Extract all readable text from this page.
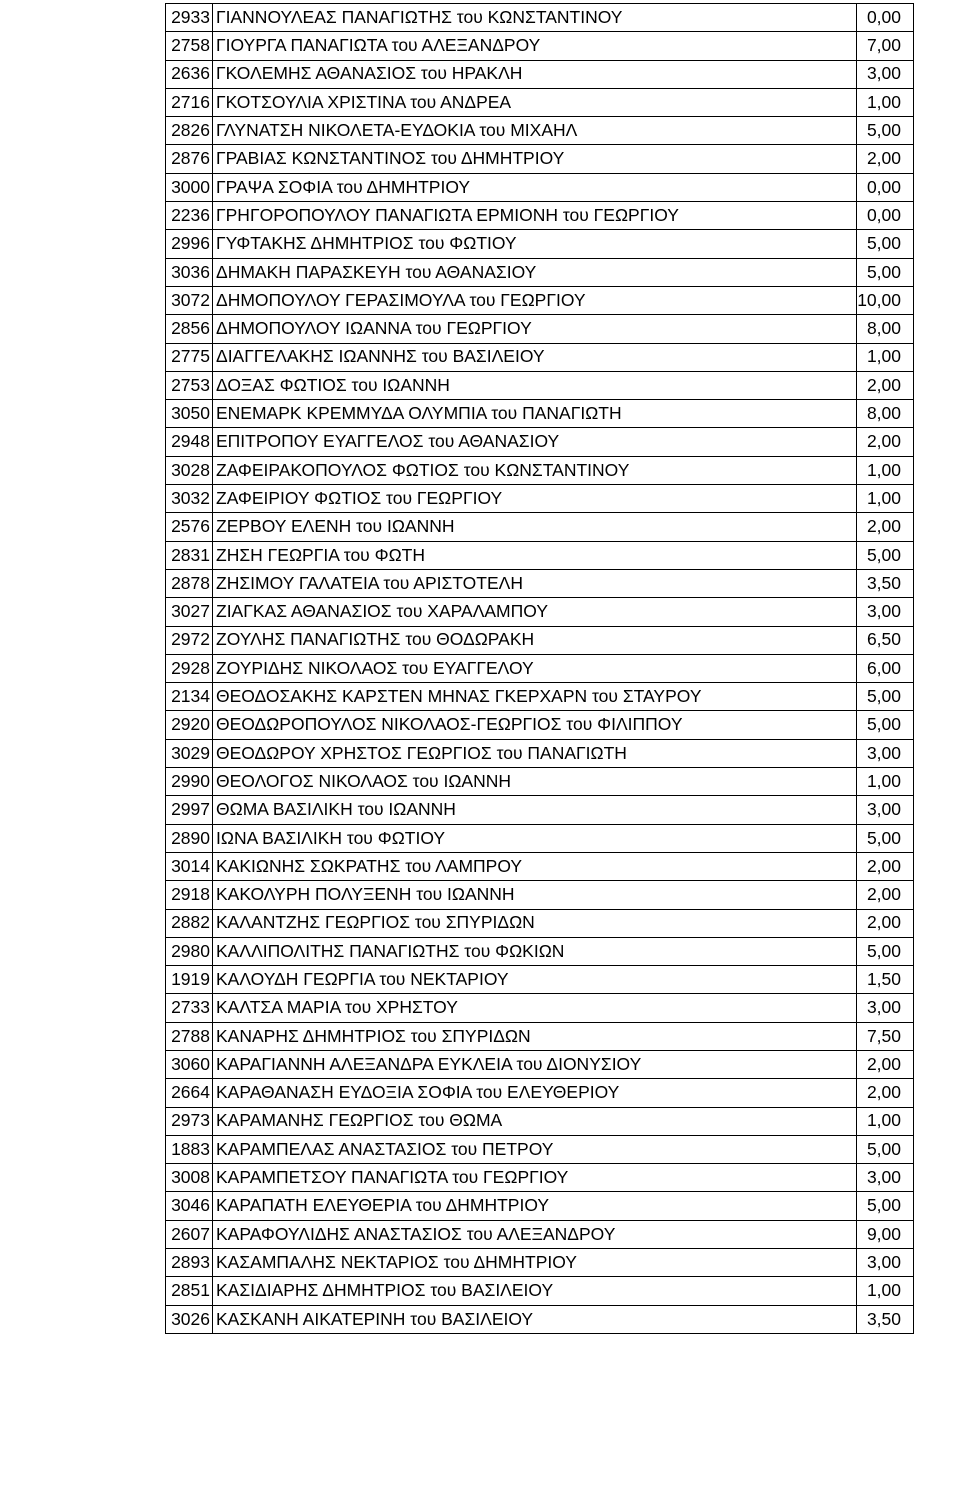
2933	ΓΙΑΝΝΟΥΛΕΑΣ ΠΑΝΑΓΙΩΤΗΣ του ΚΩΝΣΤΑΝΤΙΝΟΥ	0,00
2758	ΓΙΟΥΡΓΑ ΠΑΝΑΓΙΩΤΑ του ΑΛΕΞΑΝΔΡΟΥ	7,00
2636	ΓΚΟΛΕΜΗΣ ΑΘΑΝΑΣΙΟΣ του ΗΡΑΚΛΗ	3,00
2716	ΓΚΟΤΣΟΥΛΙΑ ΧΡΙΣΤΙΝΑ του ΑΝΔΡΕΑ	1,00
2826	ΓΛΥΝΑΤΣΗ ΝΙΚΟΛΕΤΑ-ΕΥΔΟΚΙΑ του ΜΙΧΑΗΛ	5,00
2876	ΓΡΑΒΙΑΣ ΚΩΝΣΤΑΝΤΙΝΟΣ του ΔΗΜΗΤΡΙΟΥ	2,00
3000	ΓΡΑΨΑ ΣΟΦΙΑ του ΔΗΜΗΤΡΙΟΥ	0,00
2236	ΓΡΗΓΟΡΟΠΟΥΛΟΥ ΠΑΝΑΓΙΩΤΑ ΕΡΜΙΟΝΗ του ΓΕΩΡΓΙΟΥ	0,00
2996	ΓΥΦΤΑΚΗΣ ΔΗΜΗΤΡΙΟΣ του ΦΩΤΙΟΥ	5,00
3036	ΔΗΜΑΚΗ ΠΑΡΑΣΚΕΥΗ του ΑΘΑΝΑΣΙΟΥ	5,00
3072	ΔΗΜΟΠΟΥΛΟΥ ΓΕΡΑΣΙΜΟΥΛΑ του ΓΕΩΡΓΙΟΥ	10,00
2856	ΔΗΜΟΠΟΥΛΟΥ ΙΩΑΝΝΑ του ΓΕΩΡΓΙΟΥ	8,00
2775	ΔΙΑΓΓΕΛΑΚΗΣ ΙΩΑΝΝΗΣ του ΒΑΣΙΛΕΙΟΥ	1,00
2753	ΔΟΞΑΣ ΦΩΤΙΟΣ του ΙΩΑΝΝΗ	2,00
3050	ΕΝΕΜΑΡΚ ΚΡΕΜΜΥΔΑ ΟΛΥΜΠΙΑ του ΠΑΝΑΓΙΩΤΗ	8,00
2948	ΕΠΙΤΡΟΠΟΥ ΕΥΑΓΓΕΛΟΣ του ΑΘΑΝΑΣΙΟΥ	2,00
3028	ΖΑΦΕΙΡΑΚΟΠΟΥΛΟΣ ΦΩΤΙΟΣ του ΚΩΝΣΤΑΝΤΙΝΟΥ	1,00
3032	ΖΑΦΕΙΡΙΟΥ ΦΩΤΙΟΣ του ΓΕΩΡΓΙΟΥ	1,00
2576	ΖΕΡΒΟΥ ΕΛΕΝΗ του ΙΩΑΝΝΗ	2,00
2831	ΖΗΣΗ ΓΕΩΡΓΙΑ του ΦΩΤΗ	5,00
2878	ΖΗΣΙΜΟΥ ΓΑΛΑΤΕΙΑ του ΑΡΙΣΤΟΤΕΛΗ	3,50
3027	ΖΙΑΓΚΑΣ ΑΘΑΝΑΣΙΟΣ του ΧΑΡΑΛΑΜΠΟΥ	3,00
2972	ΖΟΥΛΗΣ ΠΑΝΑΓΙΩΤΗΣ του ΘΟΔΩΡΑΚΗ	6,50
2928	ΖΟΥΡΙΔΗΣ ΝΙΚΟΛΑΟΣ του ΕΥΑΓΓΕΛΟΥ	6,00
2134	ΘΕΟΔΟΣΑΚΗΣ ΚΑΡΣΤΕΝ ΜΗΝΑΣ ΓΚΕΡΧΑΡΝ του ΣΤΑΥΡΟΥ	5,00
2920	ΘΕΟΔΩΡΟΠΟΥΛΟΣ ΝΙΚΟΛΑΟΣ-ΓΕΩΡΓΙΟΣ του ΦΙΛΙΠΠΟΥ	5,00
3029	ΘΕΟΔΩΡΟΥ ΧΡΗΣΤΟΣ ΓΕΩΡΓΙΟΣ του ΠΑΝΑΓΙΩΤΗ	3,00
2990	ΘΕΟΛΟΓΟΣ ΝΙΚΟΛΑΟΣ του ΙΩΑΝΝΗ	1,00
2997	ΘΩΜΑ ΒΑΣΙΛΙΚΗ του ΙΩΑΝΝΗ	3,00
2890	ΙΩΝΑ ΒΑΣΙΛΙΚΗ του ΦΩΤΙΟΥ	5,00
3014	ΚΑΚΙΩΝΗΣ ΣΩΚΡΑΤΗΣ του ΛΑΜΠΡΟΥ	2,00
2918	ΚΑΚΟΛΥΡΗ ΠΟΛΥΞΕΝΗ του ΙΩΑΝΝΗ	2,00
2882	ΚΑΛΑΝΤΖΗΣ ΓΕΩΡΓΙΟΣ του ΣΠΥΡΙΔΩΝ	2,00
2980	ΚΑΛΛΙΠΟΛΙΤΗΣ ΠΑΝΑΓΙΩΤΗΣ του ΦΩΚΙΩΝ	5,00
1919	ΚΑΛΟΥΔΗ ΓΕΩΡΓΙΑ του ΝΕΚΤΑΡΙΟΥ	1,50
2733	ΚΑΛΤΣΑ ΜΑΡΙΑ του ΧΡΗΣΤΟΥ	3,00
2788	ΚΑΝΑΡΗΣ ΔΗΜΗΤΡΙΟΣ του ΣΠΥΡΙΔΩΝ	7,50
3060	ΚΑΡΑΓΙΑΝΝΗ ΑΛΕΞΑΝΔΡΑ ΕΥΚΛΕΙΑ του ΔΙΟΝΥΣΙΟΥ	2,00
2664	ΚΑΡΑΘΑΝΑΣΗ ΕΥΔΟΞΙΑ ΣΟΦΙΑ του ΕΛΕΥΘΕΡΙΟΥ	2,00
2973	ΚΑΡΑΜΑΝΗΣ ΓΕΩΡΓΙΟΣ του ΘΩΜΑ	1,00
1883	ΚΑΡΑΜΠΕΛΑΣ ΑΝΑΣΤΑΣΙΟΣ του ΠΕΤΡΟΥ	5,00
3008	ΚΑΡΑΜΠΕΤΣΟΥ ΠΑΝΑΓΙΩΤΑ του ΓΕΩΡΓΙΟΥ	3,00
3046	ΚΑΡΑΠΑΤΗ ΕΛΕΥΘΕΡΙΑ του ΔΗΜΗΤΡΙΟΥ	5,00
2607	ΚΑΡΑΦΟΥΛΙΔΗΣ ΑΝΑΣΤΑΣΙΟΣ του ΑΛΕΞΑΝΔΡΟΥ	9,00
2893	ΚΑΣΑΜΠΑΛΗΣ ΝΕΚΤΑΡΙΟΣ του ΔΗΜΗΤΡΙΟΥ	3,00
2851	ΚΑΣΙΔΙΑΡΗΣ ΔΗΜΗΤΡΙΟΣ του ΒΑΣΙΛΕΙΟΥ	1,00
3026	ΚΑΣΚΑΝΗ ΑΙΚΑΤΕΡΙΝΗ του ΒΑΣΙΛΕΙΟΥ	3,50
